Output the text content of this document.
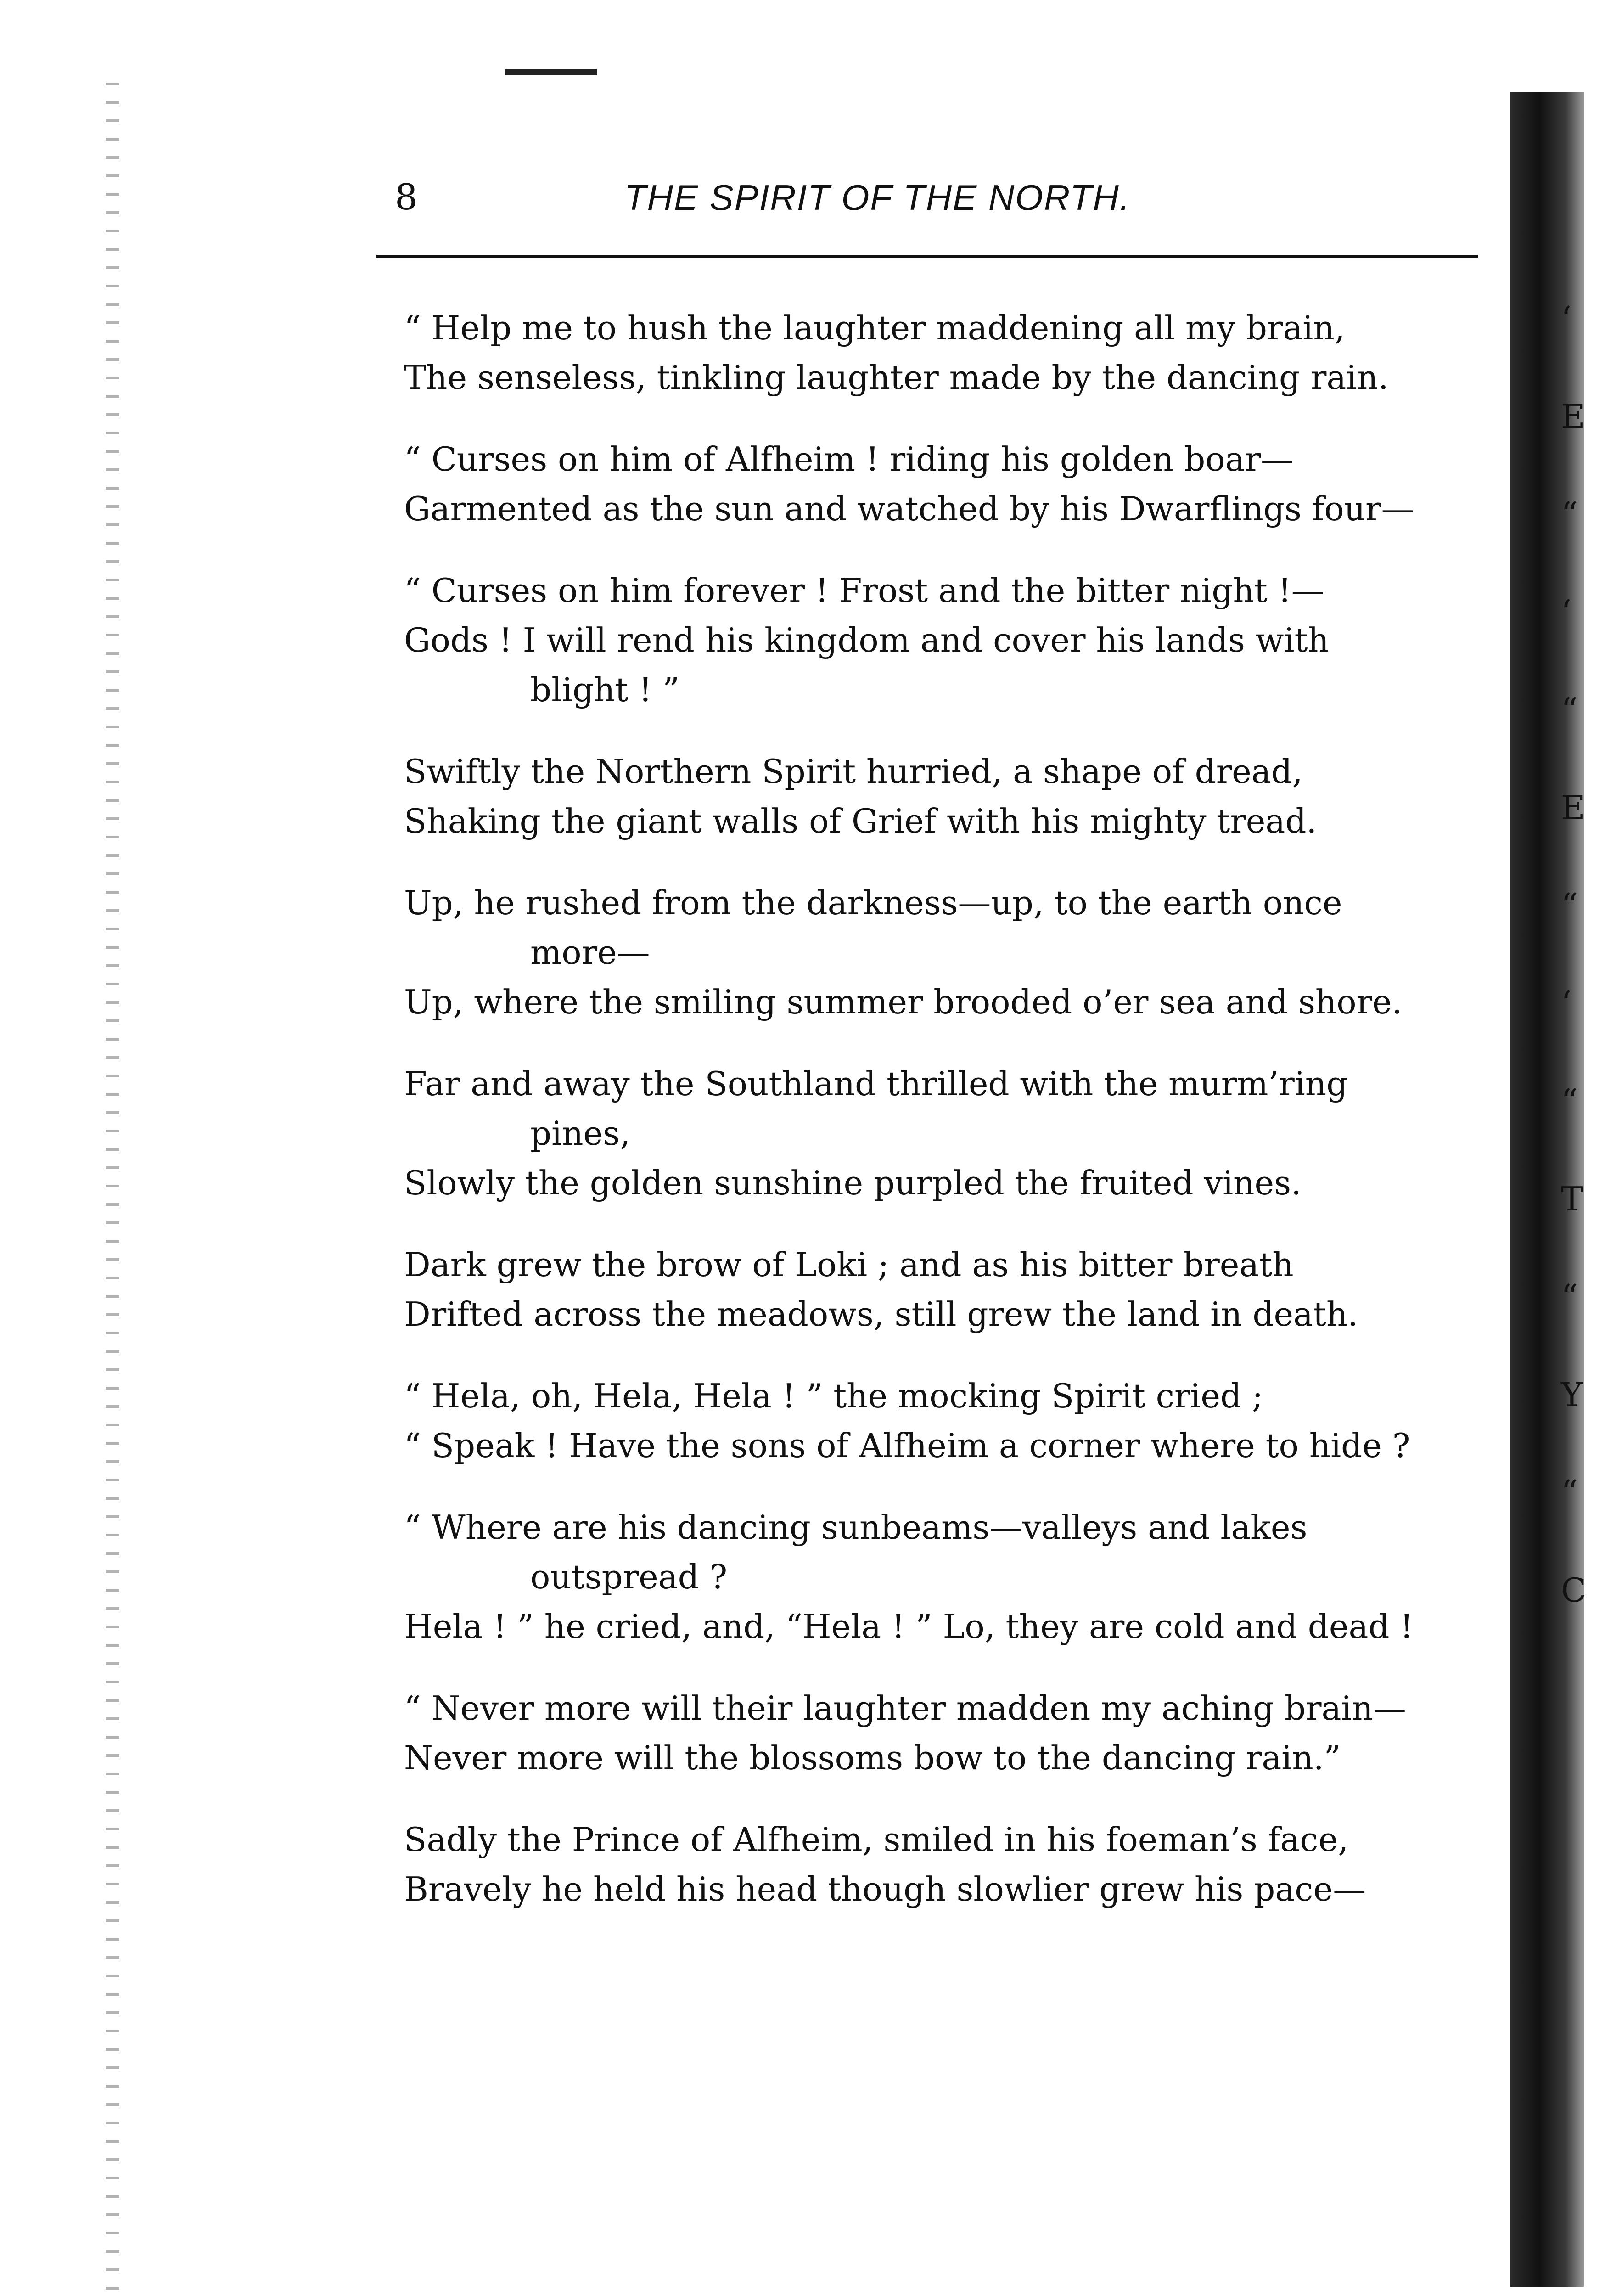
8	THE SPIRIT OF THE NORTH.
“ Help me to hush the laughter maddening all my brain,
The senseless, tinkling laughter made by the dancing rain.
“ Curses on him of Alfheim ! riding his golden boar—
Garmented as the sun and watched by his Dwarflings four—
“ Curses on him forever ! Frost and the bitter night !—
Gods ! I will rend his kingdom and cover his lands with
blight ! ”
Swiftly the Northern Spirit hurried, a shape of dread,
Shaking the giant walls of Grief with his mighty tread.
Up, he rushed from the darkness—up, to the earth once
more—
Up, where the smiling summer brooded o’er sea and shore.
Far and away the Southland thrilled with the murm’ring
pines,
Slowly the golden sunshine purpled the fruited vines.
Dark grew the brow of Loki ; and as his bitter breath
Drifted across the meadows, still grew the land in death.
“ Hela, oh, Hela, Hela ! ” the mocking Spirit cried ;
“ Speak ! Have the sons of Alfheim a corner where to hide ?
“ Where are his dancing sunbeams—valleys and lakes
outspread ?
Hela ! ” he cried, and, “Hela ! ” Lo, they are cold and dead !
“ Never more will their laughter madden my aching brain—
Never more will the blossoms bow to the dancing rain.”
Sadly the Prince of Alfheim, smiled in his foeman’s face,
Bravely he held his head though slowlier grew his pace—
‘
E
“
‘
“
E
“
‘
“
T
“
Y
“
C
